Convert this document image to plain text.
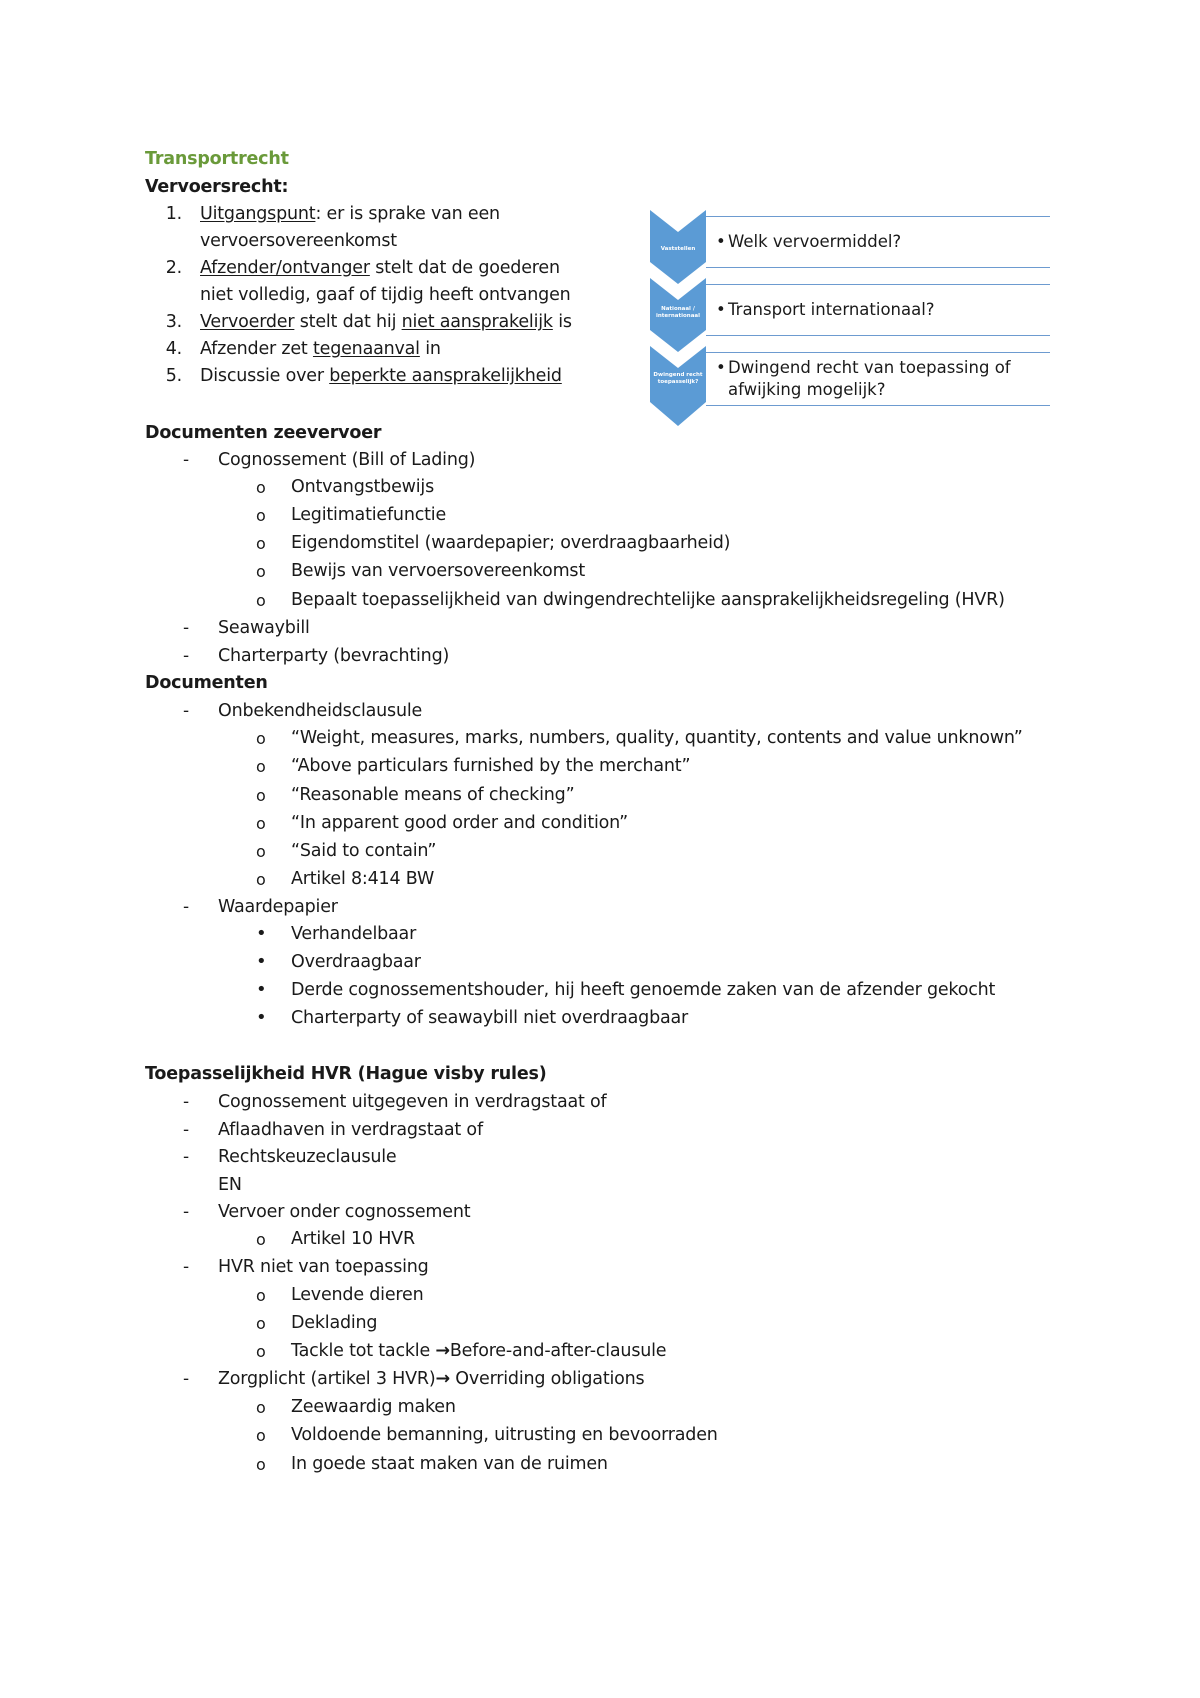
Transportrecht
Vervoersrecht:
1. Uitgangspunt: er is sprake van een
vervoersovereenkomst
2. Afzender/ontvanger stelt dat de goederen
niet volledig, gaaf of tijdig heeft ontvangen
3. Vervoerder stelt dat hij niet aansprakelijk is
4. Afzender zet tegenaanval in
5. Discussie over beperkte aansprakelijkheid
Vaststellen	• Welk vervoermiddel?
Nationaal / internationaal • Transport internationaal?
Dwingend recht toepasselijk?
• Dwingend recht van toepassing of
afwijking mogelijk?
Documenten zeevervoer
- Cognossement (Bill of Lading)
o Ontvangstbewijs
o Legitimatiefunctie
o Eigendomstitel (waardepapier; overdraagbaarheid)
o Bewijs van vervoersovereenkomst
o Bepaalt toepasselijkheid van dwingendrechtelijke aansprakelijkheidsregeling (HVR)
- Seawaybill
- Charterparty (bevrachting)
Documenten
- Onbekendheidsclausule
o “Weight, measures, marks, numbers, quality, quantity, contents and value unknown”
o “Above particulars furnished by the merchant”
o “Reasonable means of checking”
o “In apparent good order and condition”
o “Said to contain”
o Artikel 8:414 BW
- Waardepapier
• Verhandelbaar
• Overdraagbaar
• Derde cognossementshouder, hij heeft genoemde zaken van de afzender gekocht
• Charterparty of seawaybill niet overdraagbaar
Toepasselijkheid HVR (Hague visby rules)
- Cognossement uitgegeven in verdragstaat of
- Aflaadhaven in verdragstaat of
- Rechtskeuzeclausule
EN
- Vervoer onder cognossement
o Artikel 10 HVR
- HVR niet van toepassing
o Levende dieren
o Deklading
o Tackle tot tackle →Before-and-after-clausule
- Zorgplicht (artikel 3 HVR)→ Overriding obligations
o Zeewaardig maken
o Voldoende bemanning, uitrusting en bevoorraden
o In goede staat maken van de ruimen
